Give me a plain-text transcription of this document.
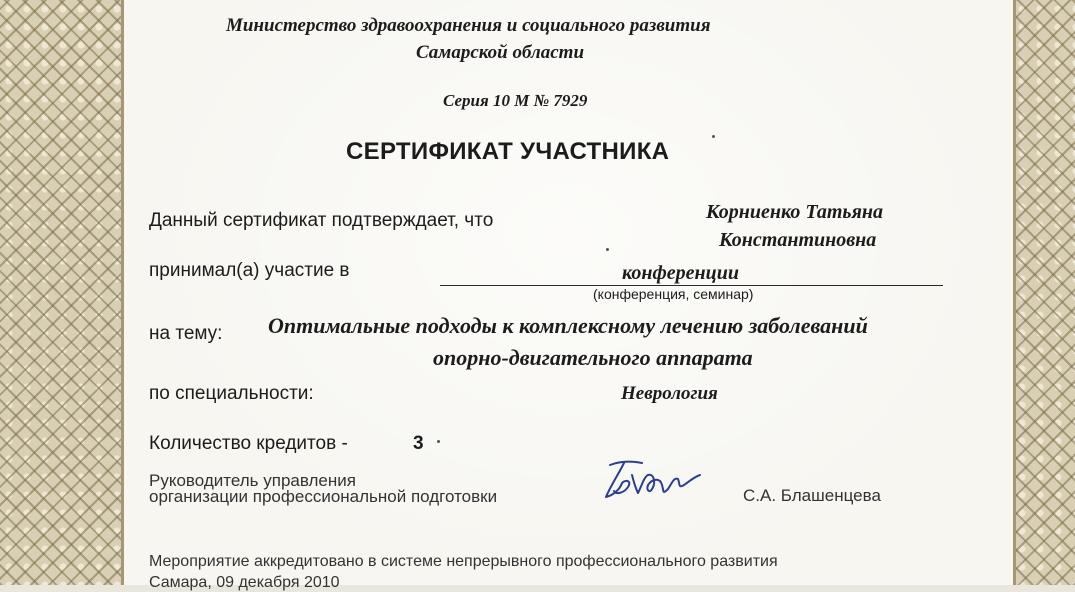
Министерство здравоохранения и социального развития
Самарской области
Серия 10 М № 7929
СЕРТИФИКАТ УЧАСТНИКА
Данный сертификат подтверждает, что	Корниенко Татьяна
Константиновна
принимал(а) участие в	конференции
(конференция, семинар)
на тему: Оптимальные подходы к комплексному лечению заболеваний
опорно-двигательного аппарата
по специальности:	Неврология
Количество кредитов -	3
Руководитель управления
организации профессиональной подготовки	С.А. Блашенцева
Мероприятие аккредитовано в системе непрерывного профессионального развития
Самара, 09 декабря 2010
